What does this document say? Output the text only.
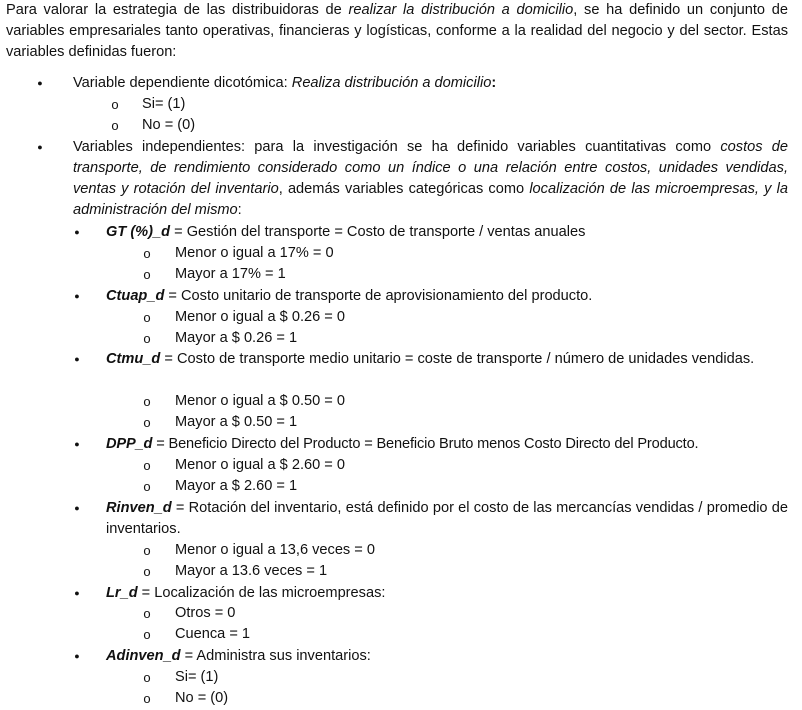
Para valorar la estrategia de las distribuidoras de realizar la distribución a domicilio, se ha definido un conjunto de variables empresariales tanto operativas, financieras y logísticas, conforme a la realidad del negocio y del sector. Estas variables definidas fueron:

●
Variable dependiente dicotómica: Realiza distribución a domicilio:
o Si= (1)
o No = (0)
●

Variables independientes: para la investigación se ha definido variables cuantitativas como costos de transporte, de rendimiento considerado como un índice o una relación entre costos, unidades vendidas, ventas y rotación del inventario, además variables categóricas como localización de las microempresas, y la administración del mismo:

●
GT (%)_d = Gestión del transporte = Costo de transporte / ventas anuales
o Menor o igual a 17% = 0
o Mayor a 17% = 1
●
Ctuap_d = Costo unitario de transporte de aprovisionamiento del producto.
o Menor o igual a $ 0.26 = 0
o Mayor a $ 0.26 = 1
●

Ctmu_d = Costo de transporte medio unitario = coste de transporte / número de unidades vendidas.

o Menor o igual a $ 0.50 = 0
o Mayor a $ 0.50 = 1
●
DPP_d = Beneficio Directo del Producto = Beneficio Bruto menos Costo Directo del Producto.
o Menor o igual a $ 2.60 = 0
o Mayor a $ 2.60 = 1
●

Rinven_d = Rotación del inventario, está definido por el costo de las mercancías vendidas / promedio de inventarios.

o Menor o igual a 13,6 veces = 0
o Mayor a 13.6 veces = 1
●
Lr_d = Localización de las microempresas:
o Otros = 0
o Cuenca = 1
●
Adinven_d = Administra sus inventarios:
o Si= (1)
o No = (0)
